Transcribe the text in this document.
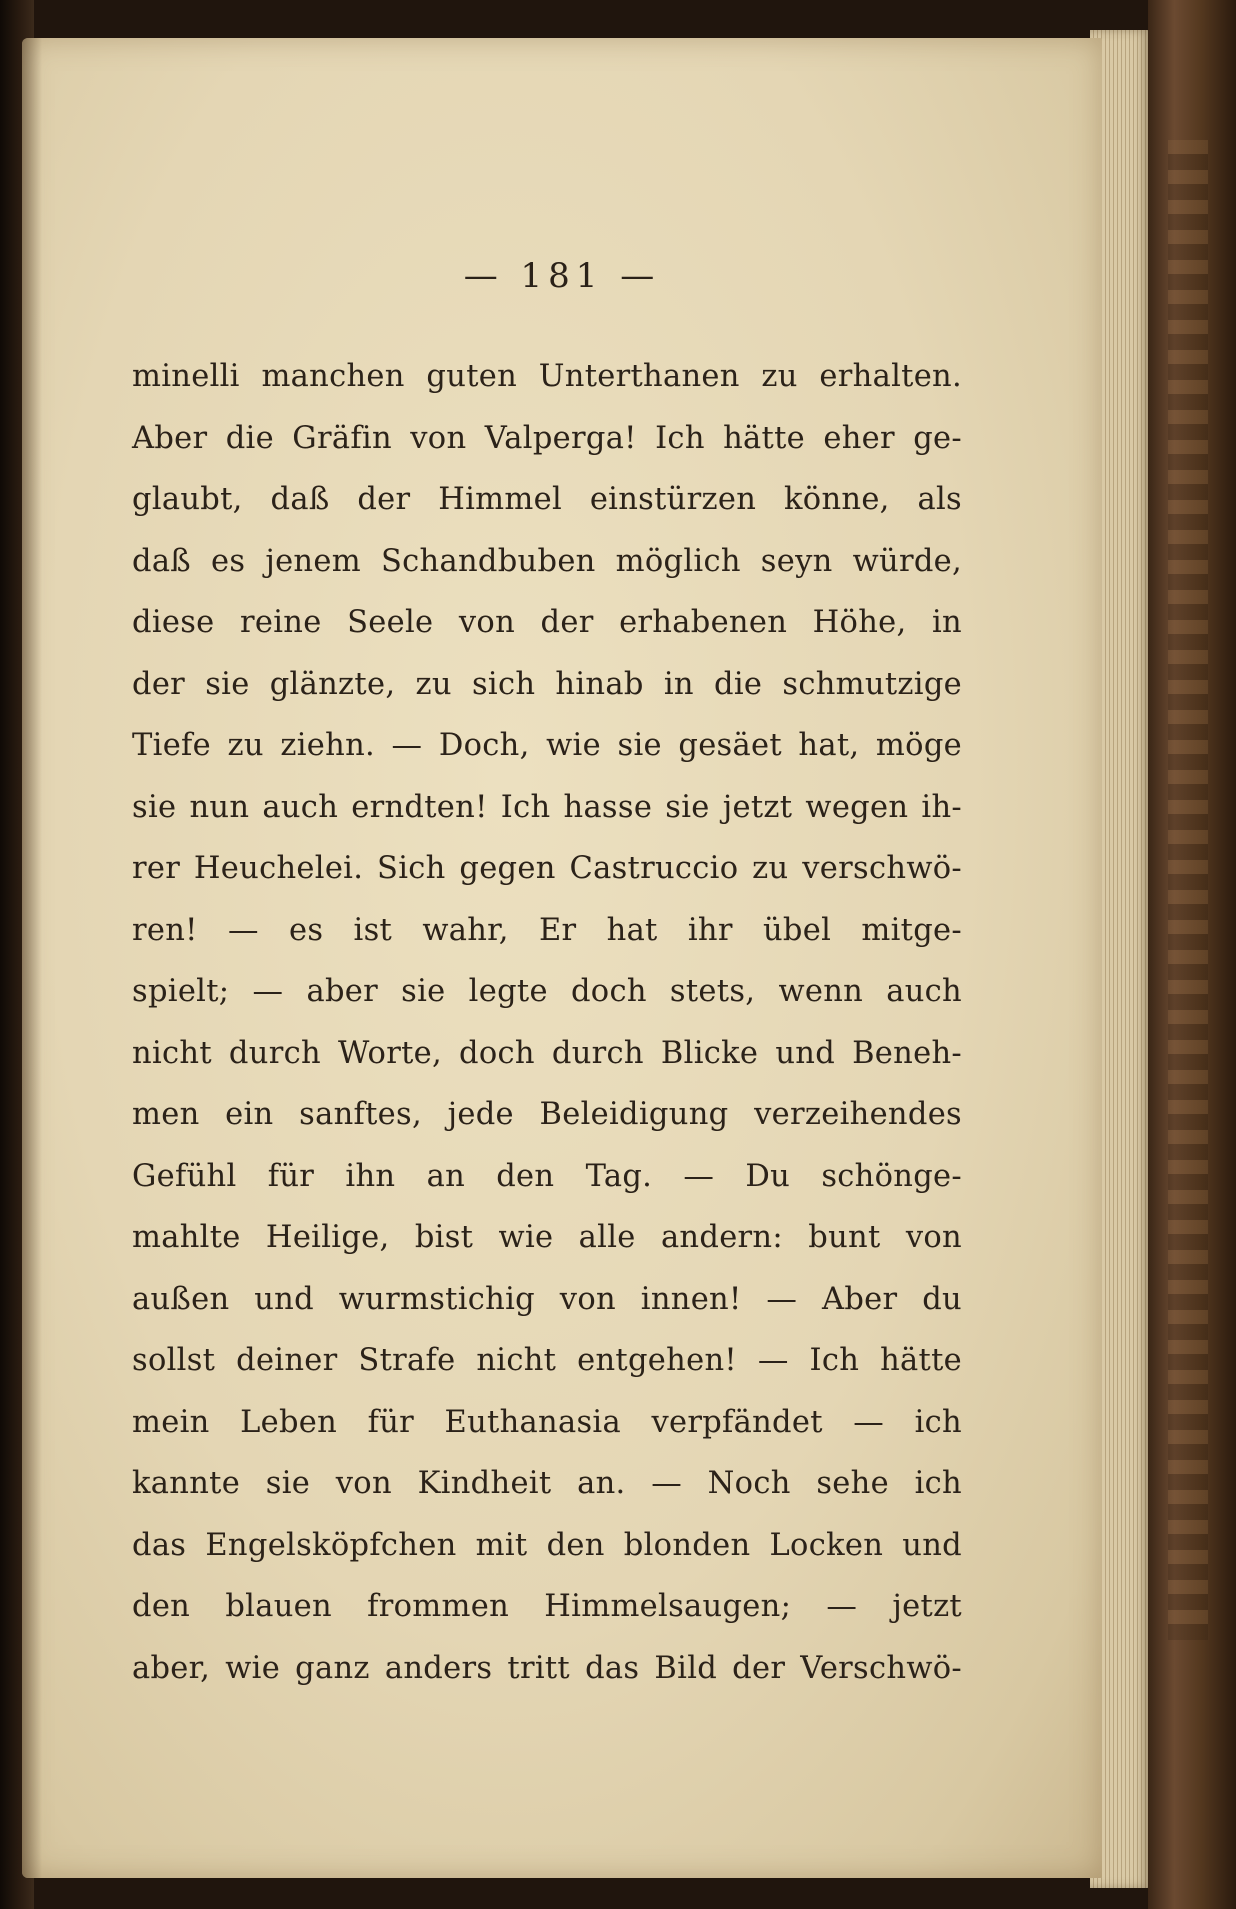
— 181 —
minelli manchen guten Unterthanen zu erhalten.
Aber die Gräfin von Valperga! Ich hätte eher ge-
glaubt, daß der Himmel einstürzen könne, als
daß es jenem Schandbuben möglich seyn würde,
diese reine Seele von der erhabenen Höhe, in
der sie glänzte, zu sich hinab in die schmutzige
Tiefe zu ziehn. — Doch, wie sie gesäet hat, möge
sie nun auch erndten! Ich hasse sie jetzt wegen ih-
rer Heuchelei. Sich gegen Castruccio zu verschwö-
ren! — es ist wahr, Er hat ihr übel mitge-
spielt; — aber sie legte doch stets, wenn auch
nicht durch Worte, doch durch Blicke und Beneh-
men ein sanftes, jede Beleidigung verzeihendes
Gefühl für ihn an den Tag. — Du schönge-
mahlte Heilige, bist wie alle andern: bunt von
außen und wurmstichig von innen! — Aber du
sollst deiner Strafe nicht entgehen! — Ich hätte
mein Leben für Euthanasia verpfändet — ich
kannte sie von Kindheit an. — Noch sehe ich
das Engelsköpfchen mit den blonden Locken und
den blauen frommen Himmelsaugen; — jetzt
aber, wie ganz anders tritt das Bild der Verschwö-
